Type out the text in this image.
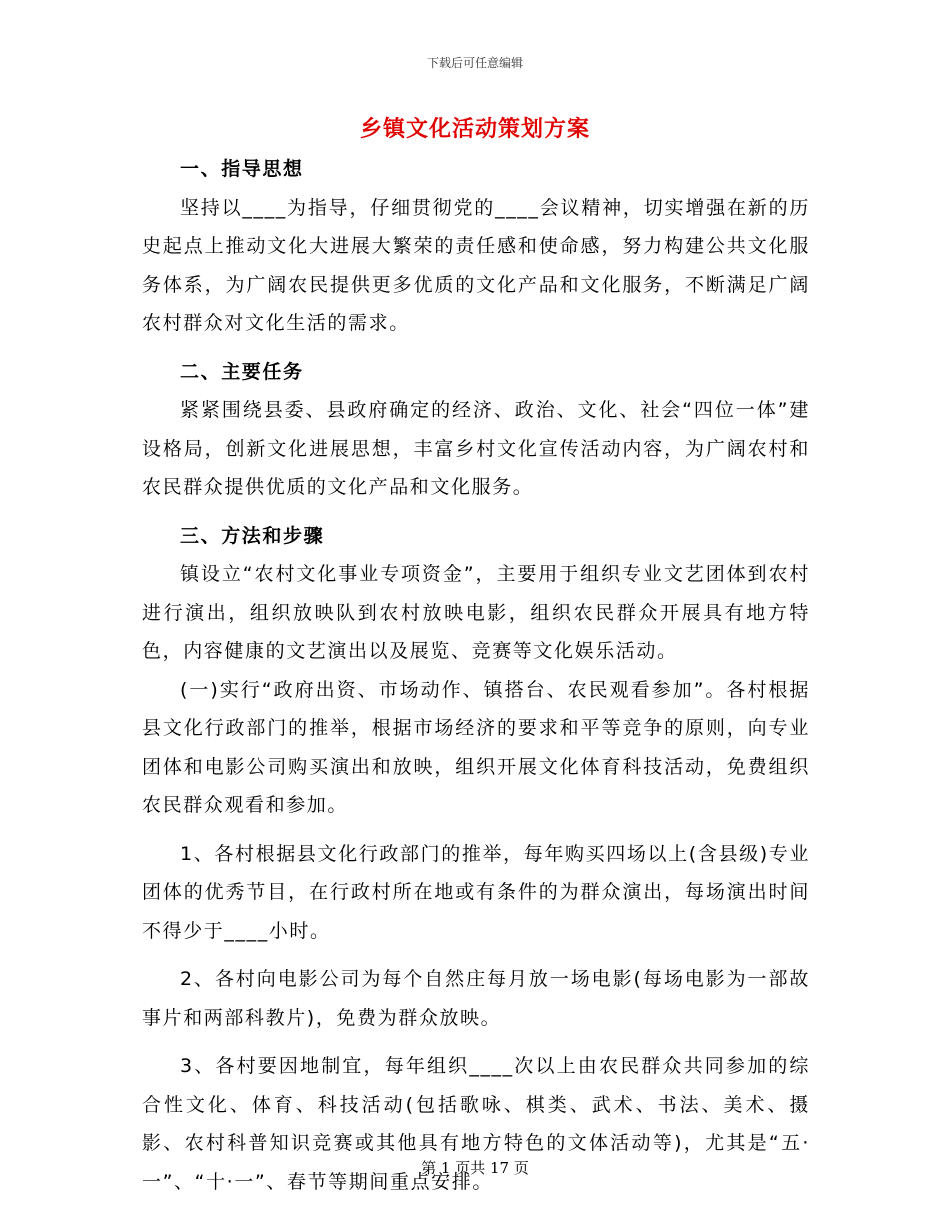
下载后可任意编辑
乡镇文化活动策划方案

一、指导思想

坚持以____为指导，仔细贯彻党的____会议精神，切实增强在新的历史起点上推动文化大进展大繁荣的责任感和使命感，努力构建公共文化服务体系，为广阔农民提供更多优质的文化产品和文化服务，不断满足广阔农村群众对文化生活的需求。

二、主要任务

紧紧围绕县委、县政府确定的经济、政治、文化、社会“四位一体”建设格局，创新文化进展思想，丰富乡村文化宣传活动内容，为广阔农村和农民群众提供优质的文化产品和文化服务。

三、方法和步骤

镇设立“农村文化事业专项资金”，主要用于组织专业文艺团体到农村进行演出，组织放映队到农村放映电影，组织农民群众开展具有地方特色，内容健康的文艺演出以及展览、竞赛等文化娱乐活动。

(一)实行“政府出资、市场动作、镇搭台、农民观看参加”。各村根据县文化行政部门的推举，根据市场经济的要求和平等竞争的原则，向专业团体和电影公司购买演出和放映，组织开展文化体育科技活动，免费组织农民群众观看和参加。

1、各村根据县文化行政部门的推举，每年购买四场以上(含县级)专业团体的优秀节目，在行政村所在地或有条件的为群众演出，每场演出时间不得少于____小时。

2、各村向电影公司为每个自然庄每月放一场电影(每场电影为一部故事片和两部科教片)，免费为群众放映。

3、各村要因地制宜，每年组织____次以上由农民群众共同参加的综合性文化、体育、科技活动(包括歌咏、棋类、武术、书法、美术、摄影、农村科普知识竞赛或其他具有地方特色的文体活动等)，尤其是“五·一”、“十·一”、春节等期间重点安排。

第 1 页共 17 页
